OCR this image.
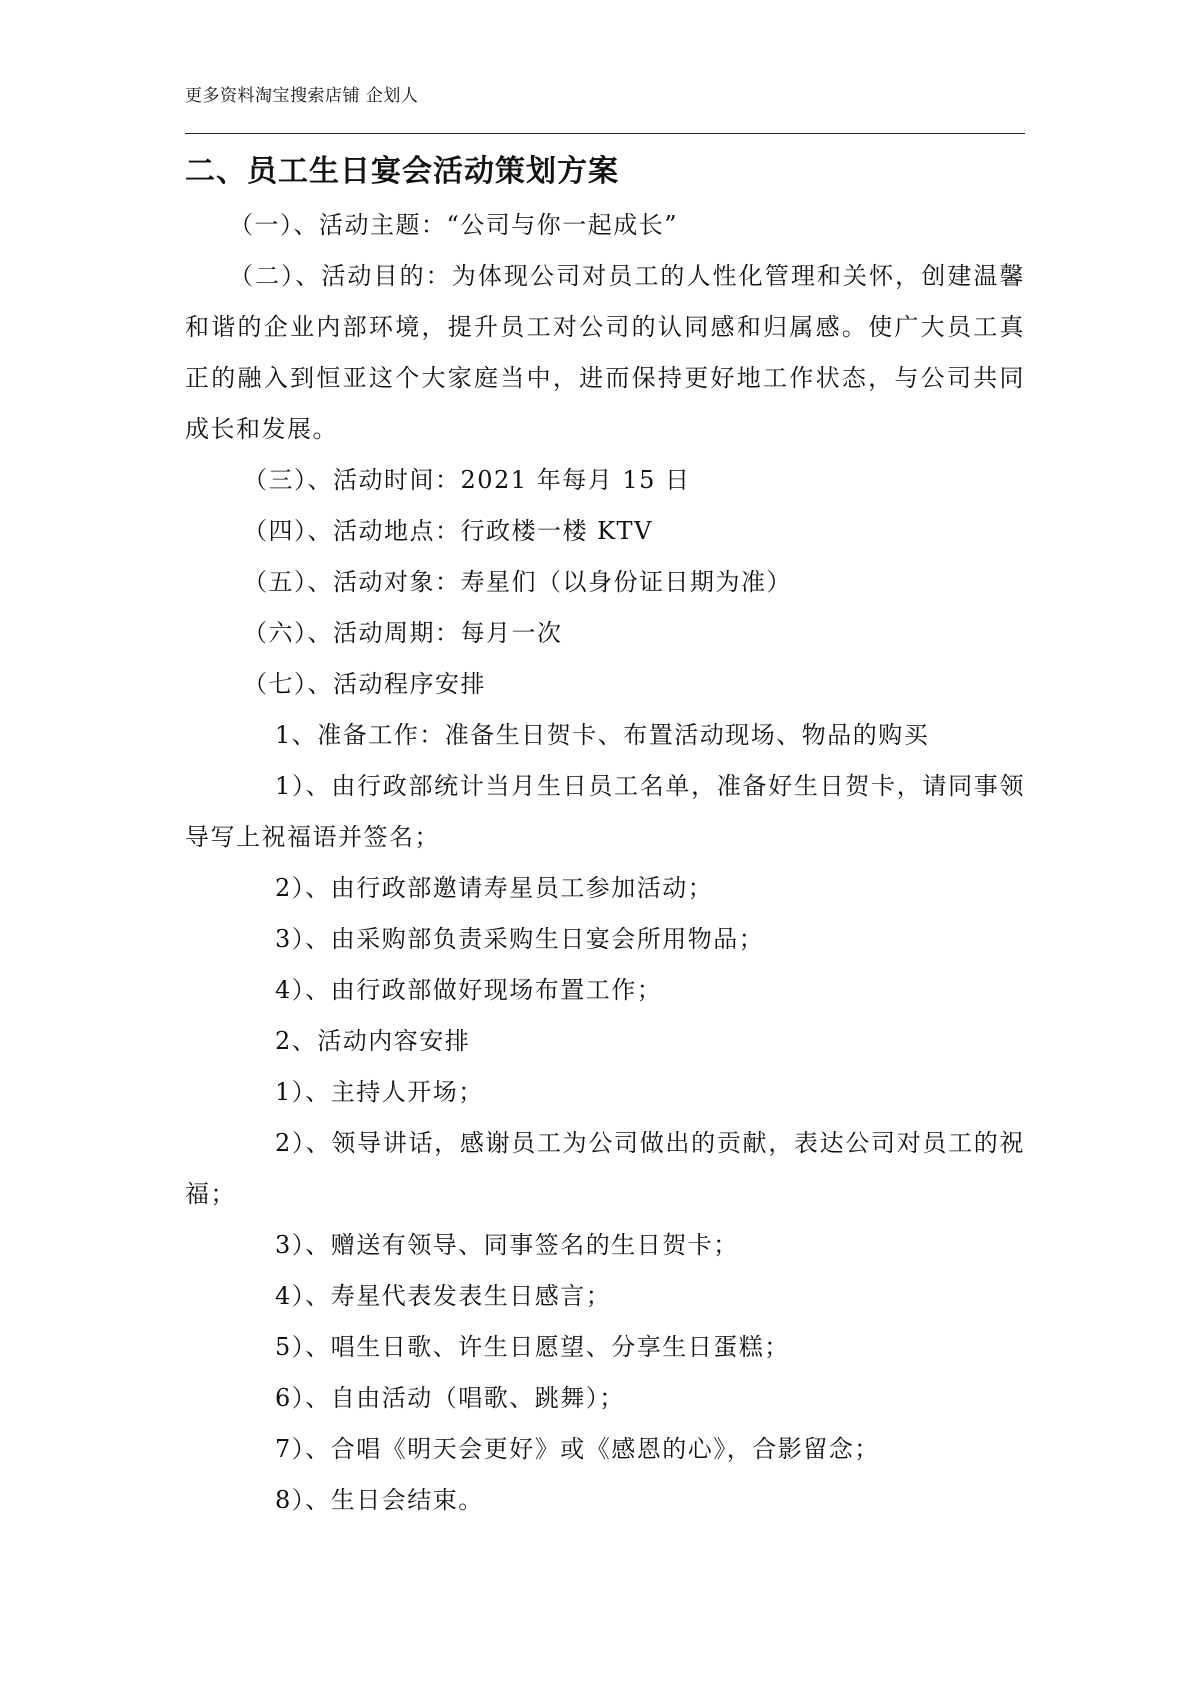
更多资料淘宝搜索店铺 企划人
二、员工生日宴会活动策划方案

（一）、活动主题：“公司与你一起成长”

（二）、活动目的：为体现公司对员工的人性化管理和关怀，创建温馨和谐的企业内部环境，提升员工对公司的认同感和归属感。使广大员工真正的融入到恒亚这个大家庭当中，进而保持更好地工作状态，与公司共同成长和发展。

（三）、活动时间：2021 年每月 15 日

（四）、活动地点：行政楼一楼 KTV

（五）、活动对象：寿星们（以身份证日期为准）

（六）、活动周期：每月一次

（七）、活动程序安排

1、准备工作：准备生日贺卡、布置活动现场、物品的购买

1）、由行政部统计当月生日员工名单，准备好生日贺卡，请同事领导写上祝福语并签名；

2）、由行政部邀请寿星员工参加活动；

3）、由采购部负责采购生日宴会所用物品；

4）、由行政部做好现场布置工作；

2、活动内容安排

1）、主持人开场；

2）、领导讲话，感谢员工为公司做出的贡献，表达公司对员工的祝福；

3）、赠送有领导、同事签名的生日贺卡；

4）、寿星代表发表生日感言；

5）、唱生日歌、许生日愿望、分享生日蛋糕；

6）、自由活动（唱歌、跳舞）；

7）、合唱《明天会更好》或《感恩的心》，合影留念；

8）、生日会结束。
